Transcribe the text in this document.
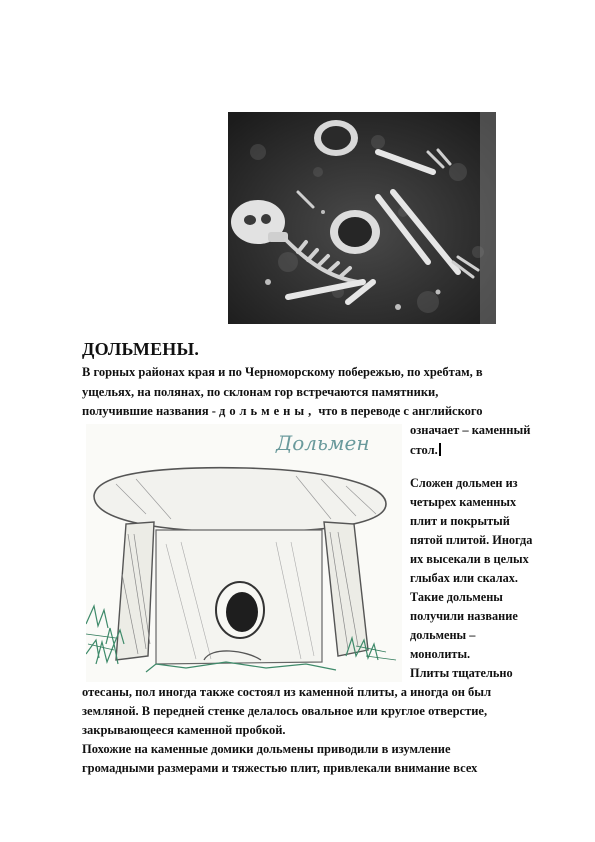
ДОЛЬМЕНЫ.
В горных районах края и по Черноморскому побережью, по хребтам, в
ущельях, на полянах, по склонам гор встречаются памятники,
получившие названия - дольмены, что в переводе с английского
означает – каменный
стол.
Дольмен
Сложен дольмен из
четырех каменных
плит и покрытый
пятой плитой. Иногда
их высекали в целых
глыбах или скалах.
Такие дольмены
получили название
дольмены –
монолиты.
Плиты тщательно
отесаны, пол иногда также состоял из каменной плиты, а иногда он был
земляной. В передней стенке делалось овальное или круглое отверстие,
закрывающееся каменной пробкой.
Похожие на каменные домики дольмены приводили в изумление
громадными размерами и тяжестью плит, привлекали внимание всех
